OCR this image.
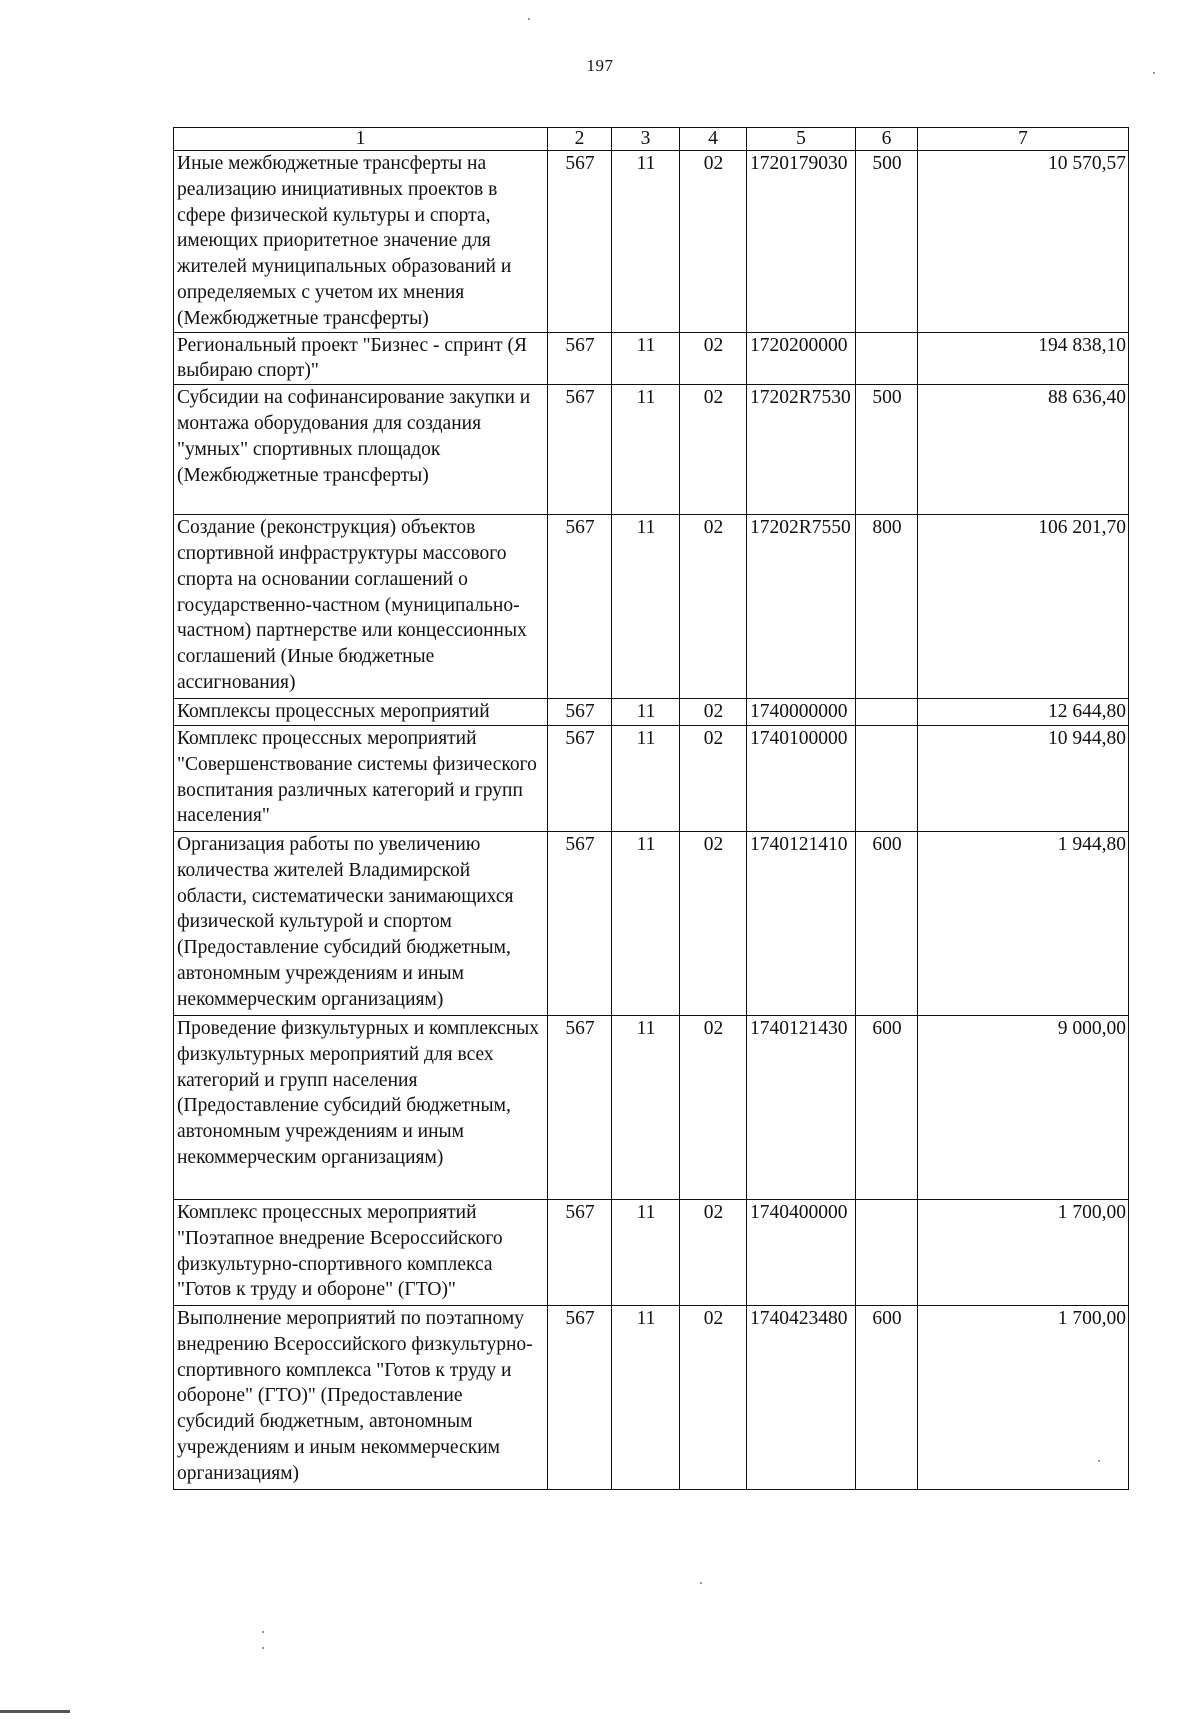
197
1	2	3	4	5	6	7
Иные межбюджетные трансферты на реализацию инициативных проектов в сфере физической культуры и спорта, имеющих приоритетное значение для жителей муниципальных образований и определяемых с учетом их мнения (Межбюджетные трансферты)	567	11	02	1720179030	500	10 570,57
Региональный проект "Бизнес - спринт (Я выбираю спорт)"	567	11	02	1720200000		194 838,10
Субсидии на софинансирование закупки и монтажа оборудования для создания "умных" спортивных площадок (Межбюджетные трансферты)	567	11	02	17202R7530	500	88 636,40
Создание (реконструкция) объектов спортивной инфраструктуры массового спорта на основании соглашений о государственно-частном (муниципально-частном) партнерстве или концессионных соглашений (Иные бюджетные ассигнования)	567	11	02	17202R7550	800	106 201,70
Комплексы процессных мероприятий	567	11	02	1740000000		12 644,80
Комплекс процессных мероприятий "Совершенствование системы физического воспитания различных категорий и групп населения"	567	11	02	1740100000		10 944,80
Организация работы по увеличению количества жителей Владимирской области, систематически занимающихся физической культурой и спортом (Предоставление субсидий бюджетным, автономным учреждениям и иным некоммерческим организациям)	567	11	02	1740121410	600	1 944,80
Проведение физкультурных и комплексных физкультурных мероприятий для всех категорий и групп населения (Предоставление субсидий бюджетным, автономным учреждениям и иным некоммерческим организациям)	567	11	02	1740121430	600	9 000,00
Комплекс процессных мероприятий "Поэтапное внедрение Всероссийского физкультурно-спортивного комплекса "Готов к труду и обороне" (ГТО)"	567	11	02	1740400000		1 700,00
Выполнение мероприятий по поэтапному внедрению Всероссийского физкультурно-спортивного комплекса "Готов к труду и обороне" (ГТО)" (Предоставление субсидий бюджетным, автономным учреждениям и иным некоммерческим организациям)	567	11	02	1740423480	600	1 700,00
